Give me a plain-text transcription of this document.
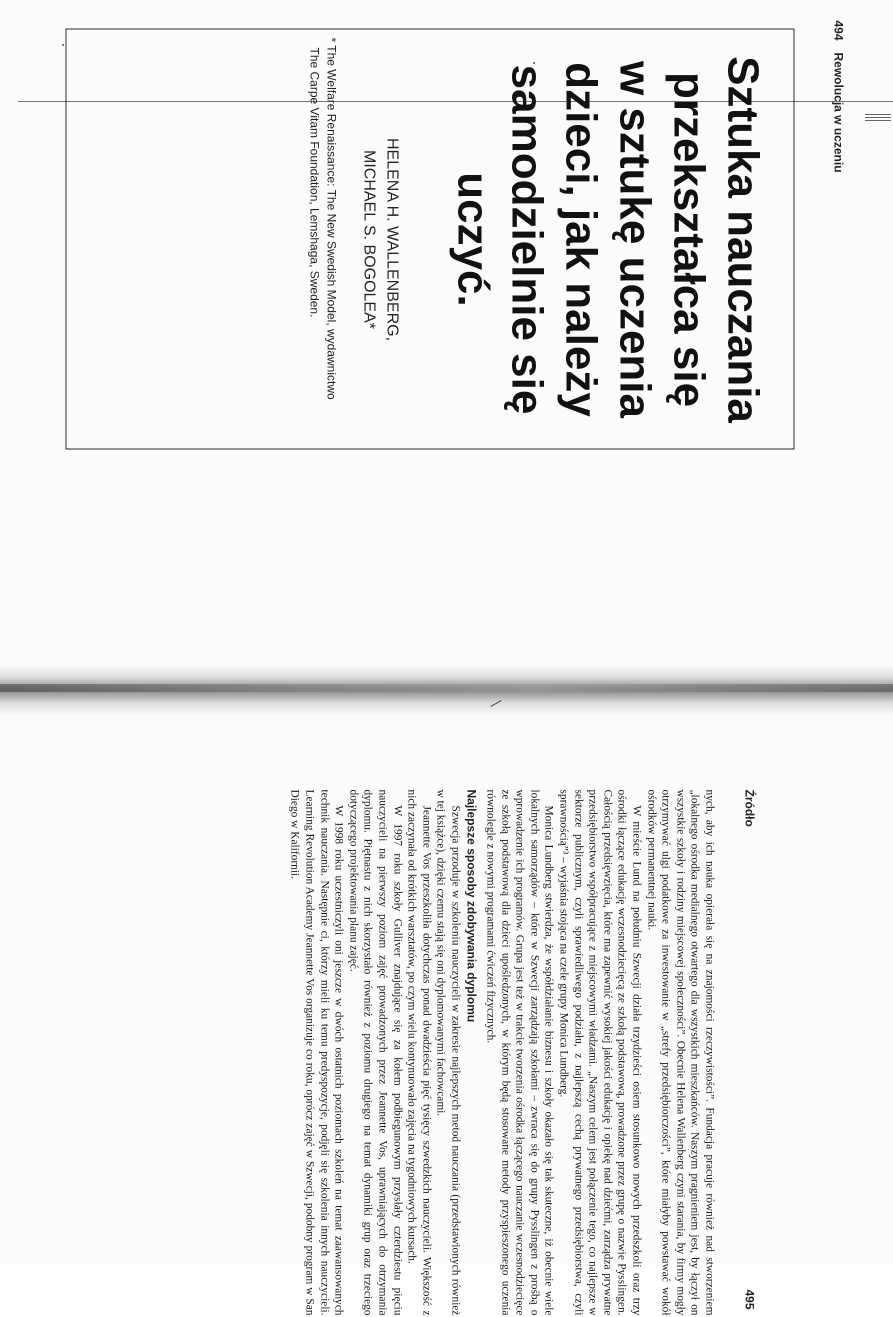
494
Rewolucja w uczeniu
Sztuka nauczania
przekształca się
w sztukę uczenia
dzieci, jak należy
samodzielnie się
uczyć.
HELENA H. WALLENBERG,
MICHAEL S. BOGOLEA*
* The Welfare Renaissance: The New Swedish Model, wydawnictwo
The Carpe Vitam Foundation, Lemshaga, Sweden.
Źródło
495

nych, aby ich nauka opierała się na znajomości rzeczywistości”. Fundacja pracuje również nad stworzeniem „lokalnego ośrodka medialnego otwartego dla wszystkich mieszkańców. Naszym pragnieniem jest, by łączył on wszystkie szkoły i rodziny miejscowej społeczności”. Obecnie Helena Wallenberg czyni starania, by firmy mogły otrzymywać ulgi podatkowe za inwestowanie w „strefy przedsiębiorczości”, które miałyby powstawać wokół ośrodków permanentnej nauki.

W mieście Lund na południu Szwecji działa trzydzieści osiem stosunkowo nowych przedszkoli oraz trzy ośrodki łączące edukację wczesnodziecięcą ze szkołą podstawową, prowadzone przez grupę o nazwie Pysslingen. Całością przedsięwzięcia, które ma zapewnić wysokiej jakości edukację i opiekę nad dziećmi, zarządza prywatne przedsiębiorstwo współpracujące z miejscowymi władzami. „Naszym celem jest połączenie tego, co najlepsze w sektorze publicznym, czyli sprawiedliwego podziału, z najlepszą cechą prywatnego przedsiębiorstwa, czyli sprawnością”³ – wyjaśnia stojąca na czele grupy Monica Lundberg.

Monica Lundberg stwierdza, że współdziałanie biznesu i szkoły okazało się tak skuteczne, iż obecnie wiele lokalnych samorządów – które w Szwecji zarządzają szkołami – zwraca się do grupy Pysslingen z prośbą o wprowadzenie ich programów. Grupa jest też w trakcie tworzenia ośrodka łączącego nauczanie wczesnodziecięce ze szkołą podstawową dla dzieci upośledzonych, w którym będą stosowane metody przyspieszonego uczenia równolegle z nowymi programami ćwiczeń fizycznych.

Najlepsze sposoby zdobywania dyplomu

Szwecja przoduje w szkoleniu nauczycieli w zakresie najlepszych metod nauczania (przedstawionych również w tej książce), dzięki czemu stają się oni dyplomowanymi fachowcami.

Jeannette Vos przeszkoliła dotychczas ponad dwadzieścia pięć tysięcy szwedzkich nauczycieli. Większość z nich zaczynała od krótkich warsztatów, po czym wielu kontynuowało zajęcia na tygodniowych kursach.

W 1997 roku szkoły Gulliver znajdujące się za kołem podbiegunowym przysłały czterdziestu pięciu nauczycieli na pierwszy poziom zajęć prowadzonych przez Jeannette Vos, uprawniających do otrzymania dyplomu. Piętnastu z nich skorzystało również z poziomu drugiego na temat dynamiki grup oraz trzeciego dotyczącego projektowania planu zajęć.

W 1998 roku uczestniczyli oni jeszcze w dwóch ostatnich poziomach szkoleń na temat zaawansowanych technik nauczania. Następnie ci, którzy mieli ku temu predyspozycje, podjęli się szkolenia innych nauczycieli. Learning Revolution Academy Jeannette Vos organizuje co roku, oprócz zajęć w Szwecji, podobny program w San Diego w Kalifornii.
